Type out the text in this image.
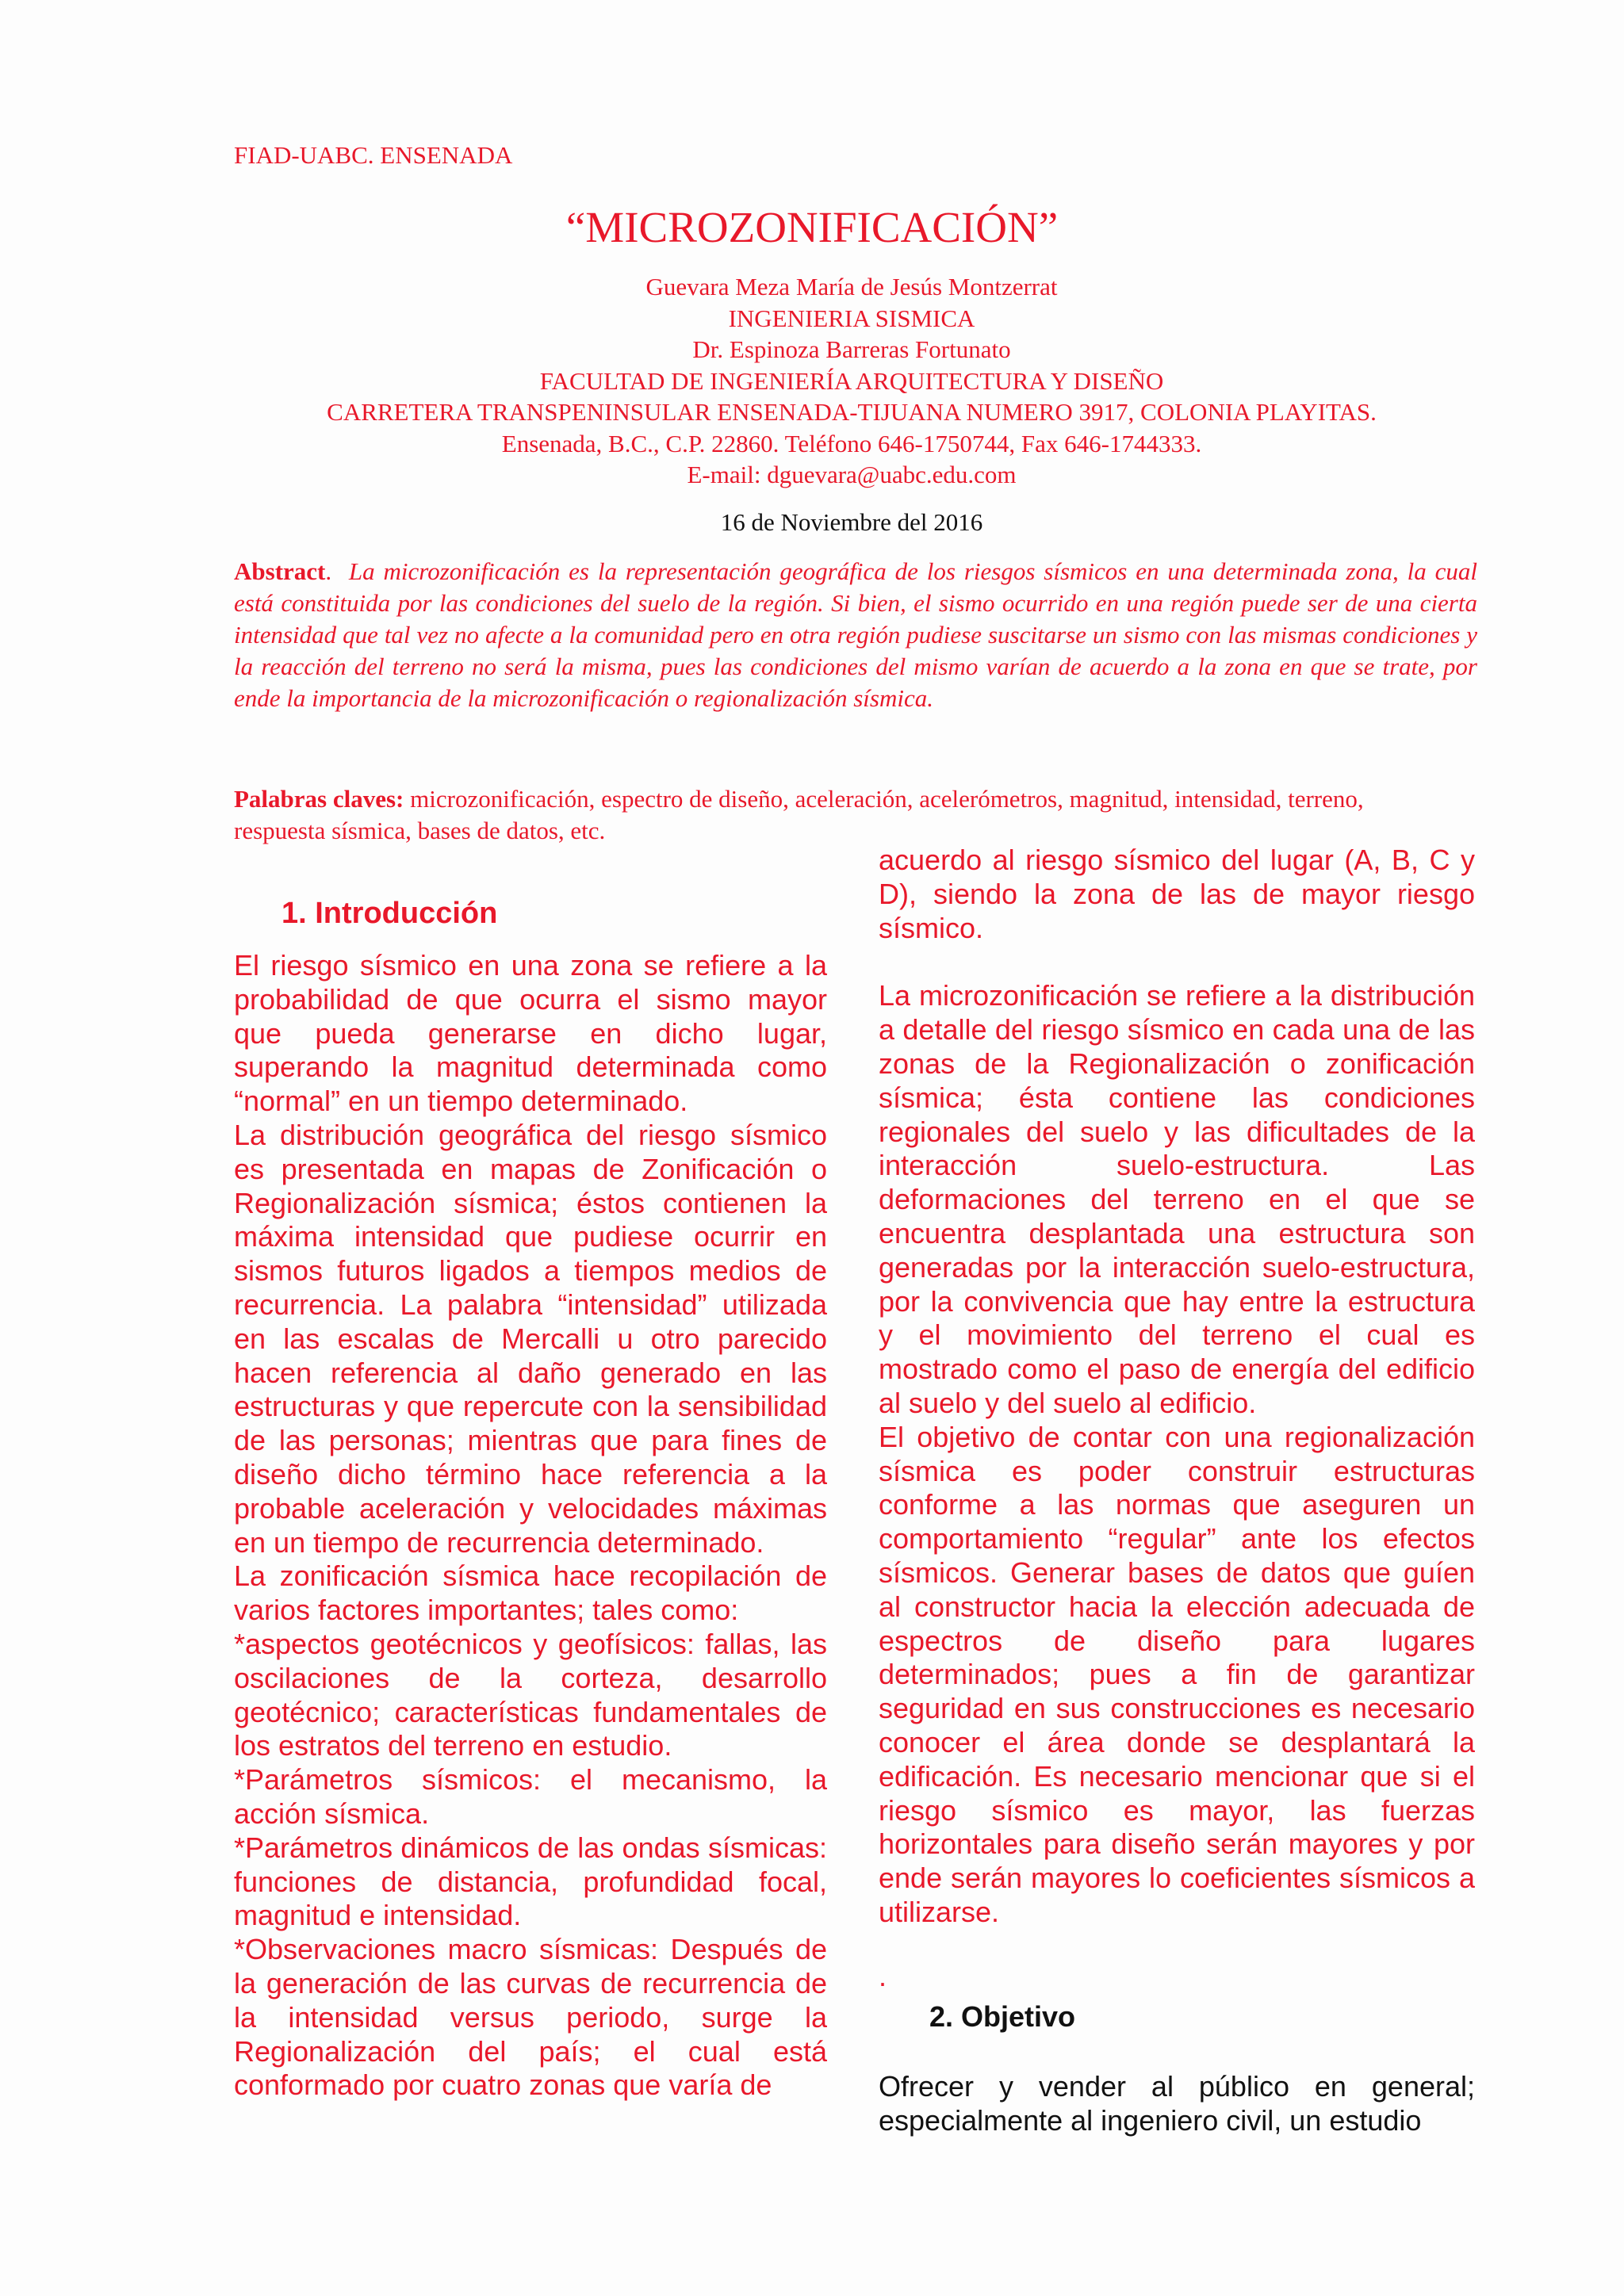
FIAD-UABC. ENSENADA
“MICROZONIFICACIÓN”
Guevara Meza María de Jesús Montzerrat
INGENIERIA SISMICA
Dr. Espinoza Barreras Fortunato
FACULTAD DE INGENIERÍA ARQUITECTURA Y DISEÑO
CARRETERA TRANSPENINSULAR ENSENADA-TIJUANA NUMERO 3917, COLONIA PLAYITAS.
Ensenada, B.C., C.P. 22860. Teléfono 646-1750744, Fax 646-1744333.
E-mail: dguevara@uabc.edu.com
16 de Noviembre del 2016
Abstract.  La microzonificación es la representación geográfica de los riesgos sísmicos en una determinada zona, la cual está constituida por las condiciones del suelo de la región. Si bien, el sismo ocurrido en una región puede ser de una cierta intensidad que tal vez no afecte a la comunidad pero en otra región pudiese suscitarse un sismo con las mismas condiciones y la reacción del terreno no será la misma, pues las condiciones del mismo varían de acuerdo a la zona en que se trate, por ende la importancia de la microzonificación o regionalización sísmica.
Palabras claves: microzonificación, espectro de diseño, aceleración, acelerómetros, magnitud, intensidad, terreno, respuesta sísmica, bases de datos, etc.
1. Introducción

El riesgo sísmico en una zona se refiere a la probabilidad de que ocurra el sismo mayor que pueda generarse en dicho lugar, superando la magnitud determinada como “normal” en un tiempo determinado.

La distribución geográfica del riesgo sísmico es presentada en mapas de Zonificación o Regionalización sísmica; éstos contienen la máxima intensidad que pudiese ocurrir en sismos futuros ligados a tiempos medios de recurrencia. La palabra “intensidad” utilizada en las escalas de Mercalli u otro parecido hacen referencia al daño generado en las estructuras y que repercute con la sensibilidad de las personas; mientras que para fines de diseño dicho término hace referencia a la probable aceleración y velocidades máximas en un tiempo de recurrencia determinado.

La zonificación sísmica hace recopilación de varios factores importantes; tales como:

*aspectos geotécnicos y geofísicos: fallas, las oscilaciones de la corteza, desarrollo geotécnico; características fundamentales de los estratos del terreno en estudio.

*Parámetros sísmicos: el mecanismo, la acción sísmica.

*Parámetros dinámicos de las ondas sísmicas: funciones de distancia, profundidad focal, magnitud e intensidad.

*Observaciones macro sísmicas: Después de la generación de las curvas de recurrencia de la intensidad versus periodo, surge la Regionalización del país; el cual está conformado por cuatro zonas que varía de

acuerdo al riesgo sísmico del lugar (A, B, C y D), siendo la zona de las de mayor riesgo sísmico.

La microzonificación se refiere a la distribución a detalle del riesgo sísmico en cada una de las zonas de la Regionalización o zonificación sísmica; ésta contiene las condiciones regionales del suelo y las dificultades de la interacción suelo-estructura. Las deformaciones del terreno en el que se encuentra desplantada una estructura son generadas por la interacción suelo-estructura, por la convivencia que hay entre la estructura y el movimiento del terreno el cual es mostrado como el paso de energía del edificio al suelo y del suelo al edificio.

El objetivo de contar con una regionalización sísmica es poder construir estructuras conforme a las normas que aseguren un comportamiento “regular” ante los efectos sísmicos. Generar bases de datos que guíen al constructor hacia la elección adecuada de espectros de diseño para lugares determinados; pues a fin de garantizar seguridad en sus construcciones es necesario conocer el área donde se desplantará la edificación. Es necesario mencionar que si el riesgo sísmico es mayor, las fuerzas horizontales para diseño serán mayores y por ende serán mayores lo coeficientes sísmicos a utilizarse.

.
2. Objetivo

Ofrecer y vender al público en general; especialmente al ingeniero civil, un estudio
